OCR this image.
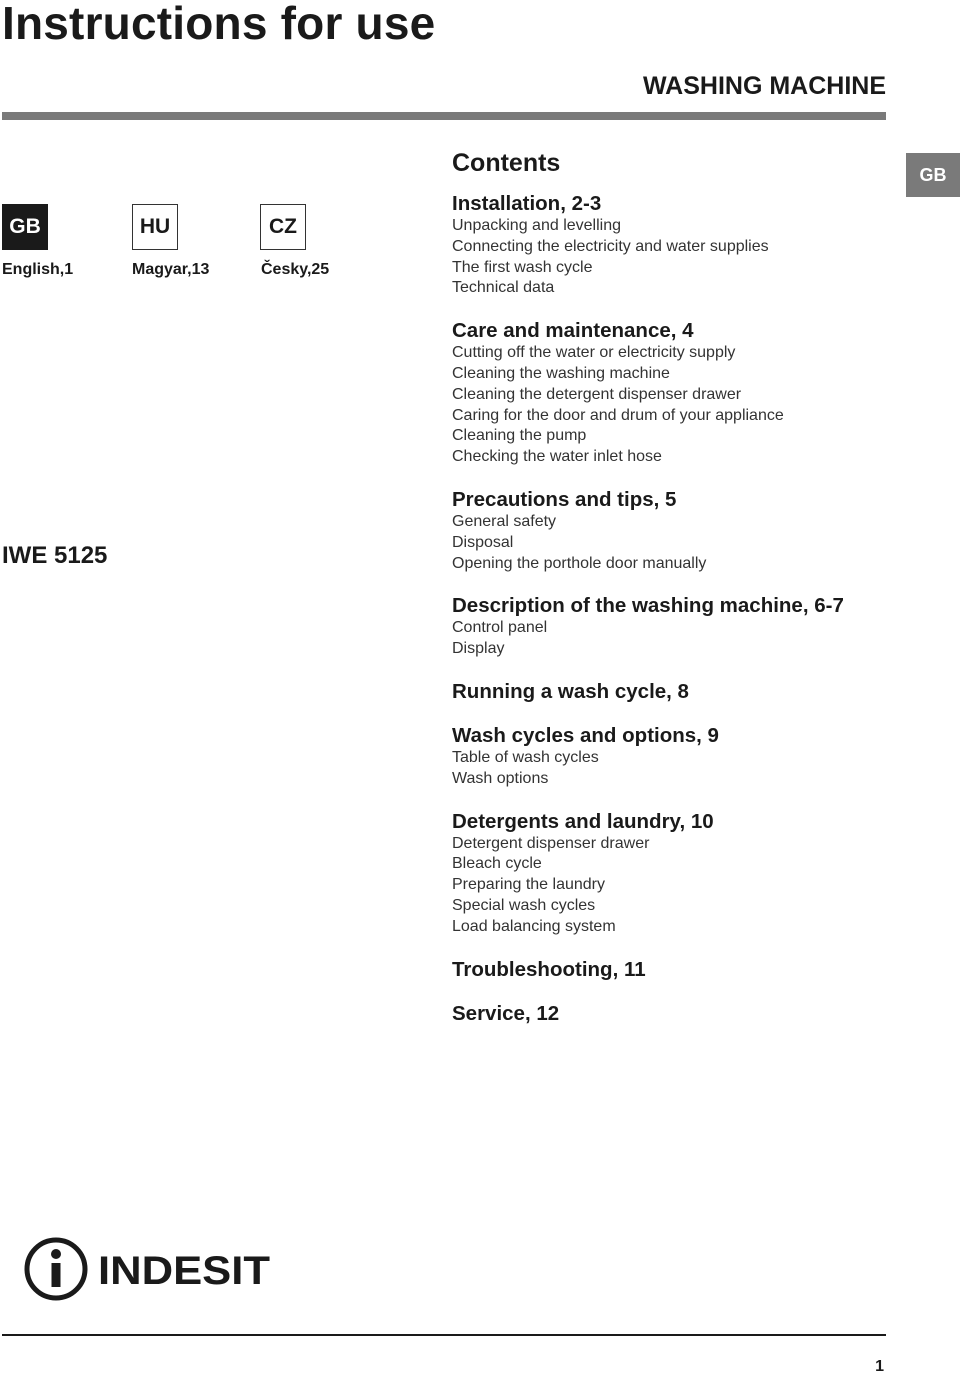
Instructions for use
WASHING MACHINE
GB
GB	HU	CZ
English,1	Magyar,13	Česky,25
IWE 5125
Contents
Installation, 2-3
Unpacking and levelling
Connecting the electricity and water supplies
The first wash cycle
Technical data
Care and maintenance, 4
Cutting off the water or electricity supply
Cleaning the washing machine
Cleaning the detergent dispenser drawer
Caring for the door and drum of your appliance
Cleaning the pump
Checking the water inlet hose
Precautions and tips, 5
General safety
Disposal
Opening the porthole door manually
Description of the washing machine, 6-7
Control panel
Display
Running a wash cycle, 8
Wash cycles and options, 9
Table of wash cycles
Wash options
Detergents and laundry, 10
Detergent dispenser drawer
Bleach cycle
Preparing the laundry
Special wash cycles
Load balancing system
Troubleshooting, 11
Service, 12
INDESIT
1
